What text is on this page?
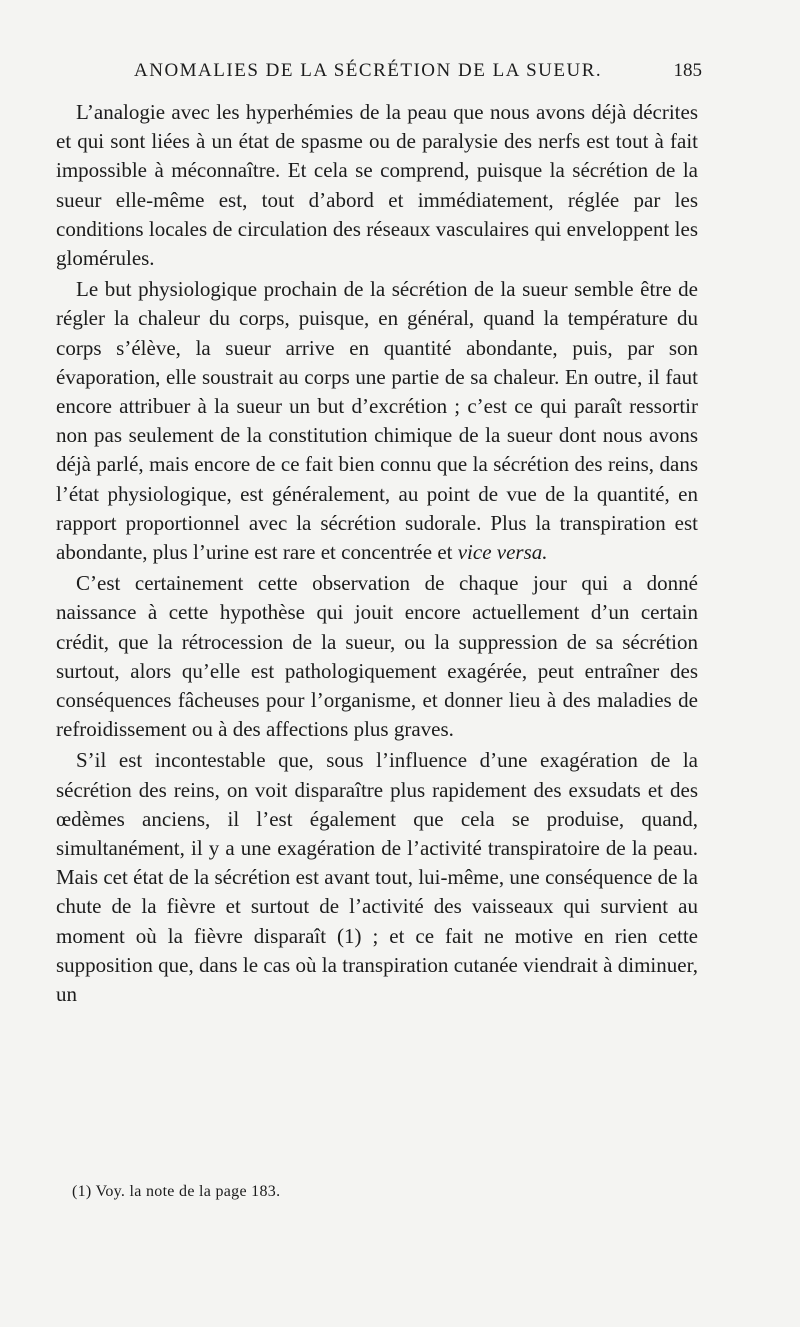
ANOMALIES DE LA SÉCRÉTION DE LA SUEUR.	185

L’analogie avec les hyperhémies de la peau que nous avons déjà décrites et qui sont liées à un état de spasme ou de paralysie des nerfs est tout à fait impossible à méconnaître. Et cela se comprend, puisque la sécrétion de la sueur elle-même est, tout d’abord et immédiatement, réglée par les conditions locales de circulation des réseaux vasculaires qui enveloppent les glomérules.

Le but physiologique prochain de la sécrétion de la sueur semble être de régler la chaleur du corps, puisque, en général, quand la température du corps s’élève, la sueur arrive en quantité abondante, puis, par son évaporation, elle soustrait au corps une partie de sa chaleur. En outre, il faut encore attribuer à la sueur un but d’excrétion ; c’est ce qui paraît ressortir non pas seulement de la constitution chimique de la sueur dont nous avons déjà parlé, mais encore de ce fait bien connu que la sécrétion des reins, dans l’état physiologique, est généralement, au point de vue de la quantité, en rapport proportionnel avec la sécrétion sudorale. Plus la transpiration est abondante, plus l’urine est rare et concentrée et vice versa.

C’est certainement cette observation de chaque jour qui a donné naissance à cette hypothèse qui jouit encore actuellement d’un certain crédit, que la rétrocession de la sueur, ou la suppression de sa sécrétion surtout, alors qu’elle est pathologiquement exagérée, peut entraîner des conséquences fâcheuses pour l’organisme, et donner lieu à des maladies de refroidissement ou à des affections plus graves.

S’il est incontestable que, sous l’influence d’une exagération de la sécrétion des reins, on voit disparaître plus rapidement des exsudats et des œdèmes anciens, il l’est également que cela se produise, quand, simultanément, il y a une exagération de l’activité transpiratoire de la peau. Mais cet état de la sécrétion est avant tout, lui-même, une conséquence de la chute de la fièvre et surtout de l’activité des vaisseaux qui survient au moment où la fièvre disparaît (1) ; et ce fait ne motive en rien cette supposition que, dans le cas où la transpiration cutanée viendrait à diminuer, un

(1) Voy. la note de la page 183.
